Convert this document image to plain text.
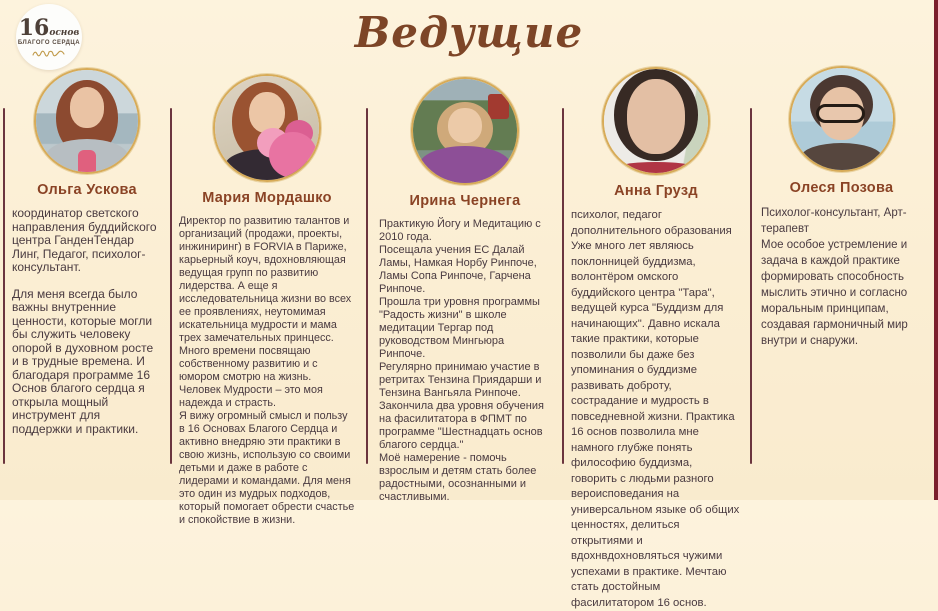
16основ
БЛАГОГО СЕРДЦА	Ведущие
Ольга Ускова
координатор светского направления буддийского центра ГанденТендар Линг, Педагог, психолог-консультант.
Для меня всегда было важны внутренние ценности, которые могли бы служить человеку опорой в духовном росте и в трудные времена. И благодаря программе 16 Основ благого сердца я открыла мощный инструмент для поддержки и практики.
Мария Мордашко
Директор по развитию талантов и организаций (продажи, проекты, инжиниринг) в FORVIA в Париже, карьерный коуч, вдохновляющая ведущая групп по развитию лидерства. А еще я исследовательница жизни во всех ее проявлениях, неутомимая искательница мудрости и мама трех замечательных принцесс. Много времени посвящаю собственному развитию и с юмором смотрю на жизнь. Человек Мудрости – это моя надежда и страсть.
Я вижу огромный смысл и пользу в 16 Основах Благого Сердца и активно внедряю эти практики в свою жизнь, использую со своими детьми и даже в работе с лидерами и командами. Для меня это один из мудрых подходов, который помогает обрести счастье и спокойствие в жизни.
Ирина Чернега
Практикую Йогу и Медитацию с 2010 года.
Посещала учения ЕС Далай Ламы, Намкая Норбу Ринпоче, Ламы Сопа Ринпоче, Гарчена Ринпоче.
Прошла три уровня программы "Радость жизни" в школе медитации Тергар под руководством Мингьюра Ринпоче.
Регулярно принимаю участие в ретритах Тензина Приядарши и Тензина Вангьяла Ринпоче.
Закончила два уровня обучения на фасилитатора в ФПМТ по программе "Шестнадцать основ благого сердца."
Моё намерение - помочь взрослым и детям стать более радостными, осознанными и счастливыми.
Анна Грузд
психолог, педагог дополнительного образования
Уже много лет являюсь поклонницей буддизма, волонтёром омского буддийского центра "Тара", ведущей курса "Буддизм для начинающих". Давно искала такие практики, которые позволили бы даже без упоминания о буддизме развивать доброту, сострадание и мудрость в повседневной жизни. Практика 16 основ позволила мне намного глубже понять философию буддизма, говорить с людьми разного вероисповедания на универсальном языке об общих ценностях, делиться открытиями и вдохнвдохновляться чужими успехами в практике. Мечтаю стать достойным фасилитатором 16 основ.
Олеся Позова
Психолог-консультант, Арт-терапевт
Мое особое устремление и задача в каждой практике формировать способность мыслить этично и согласно моральным принципам, создавая гармоничный мир внутри и снаружи.
